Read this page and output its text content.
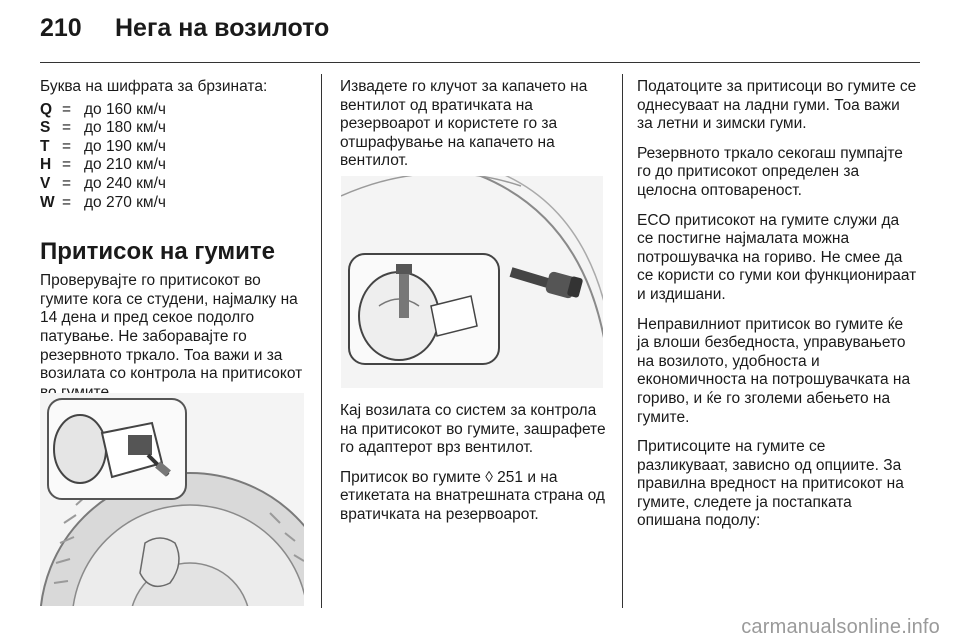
210 Нега на возилото
Буква на шифрата за брзината:
Q = до 160 км/ч
S = до 180 км/ч
T = до 190 км/ч
H = до 210 км/ч
V = до 240 км/ч
W = до 270 км/ч
Притисок на гумите

Проверувајте го притисокот во гумите кога се студени, најмалку на 14 дена и пред секое подолго патување. Не заборавајте го резервното тркало. Тоа важи и за возилата со контрола на притисокот

Извадете го клучот за капачето на вентилот од вратичката на резервоарот и користете го за отшрафување на капачето на вентилот.

Кај возилата со систем за контрола на притисокот во гумите, зашрафете го адаптерот врз вентилот.

Притисок во гумите ◊ 251 и на етикетата на внатрешната страна од вратичката на резервоарот.

Податоците за притисоци во гумите се однесуваат на ладни гуми. Тоа важи за летни и зимски гуми.

Резервното тркало секогаш пумпајте го до притисокот определен за целосна оптовареност.

ECO притисокот на гумите служи да се постигне најмалата можна потрошувачка на гориво. Не смее да се користи со гуми кои функционираат и издишани.

Неправилниот притисок во гумите ќе ја влоши безбедноста, управувањето на возилото, удобноста и економичноста на потрошувачката на гориво, и ќе го зголеми абењето на гумите.

Притисоците на гумите се разликуваат, зависно од опциите. За правилна вредност на притисокот на гумите, следете ја постапката опишана подолу:

carmanualsonline.info
